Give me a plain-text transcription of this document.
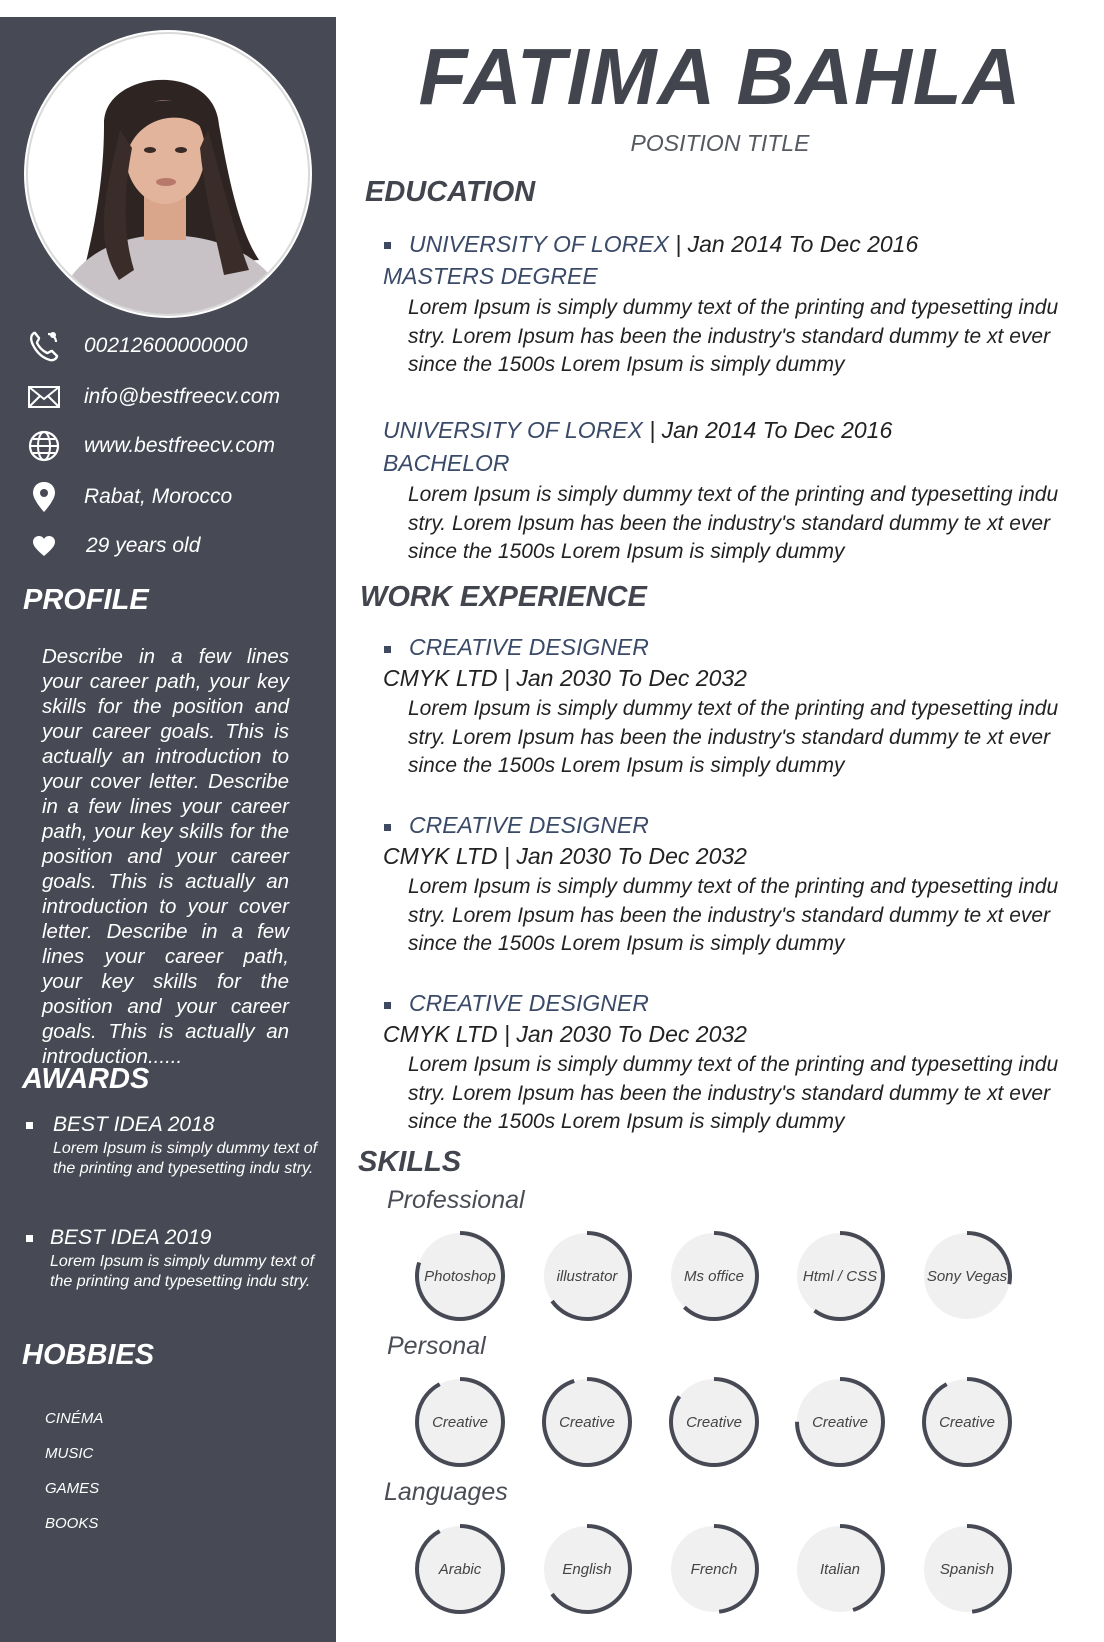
00212600000000
info@bestfreecv.com
www.bestfreecv.com
Rabat, Morocco
29 years old
PROFILE

Describe in a few lines your career path, your key skills for the position and your career goals. This is actually an introduction to your cover letter. Describe in a few lines your career path, your key skills for the position and your career goals. This is actually an introduction to your cover letter. Describe in a few lines your career path, your key skills for the position and your career goals. This is actually an introduction......

AWARDS
BEST IDEA 2018
Lorem Ipsum is simply dummy text of the printing and typesetting indu stry.
BEST IDEA 2019
Lorem Ipsum is simply dummy text of the printing and typesetting indu stry.
HOBBIES
CINÉMA
MUSIC
GAMES
BOOKS
FATIMA BAHLA
POSITION TITLE
EDUCATION
UNIVERSITY OF LOREX | Jan 2014 To Dec 2016
MASTERS DEGREE

Lorem Ipsum is simply dummy text of the printing and typesetting indu stry. Lorem Ipsum has been the industry's standard dummy te xt ever since the 1500s Lorem Ipsum is simply dummy

UNIVERSITY OF LOREX | Jan 2014 To Dec 2016
BACHELOR

Lorem Ipsum is simply dummy text of the printing and typesetting indu stry. Lorem Ipsum has been the industry's standard dummy te xt ever since the 1500s Lorem Ipsum is simply dummy

WORK EXPERIENCE
CREATIVE DESIGNER
CMYK LTD | Jan 2030 To Dec 2032

Lorem Ipsum is simply dummy text of the printing and typesetting indu stry. Lorem Ipsum has been the industry's standard dummy te xt ever since the 1500s Lorem Ipsum is simply dummy

CREATIVE DESIGNER
CMYK LTD | Jan 2030 To Dec 2032

Lorem Ipsum is simply dummy text of the printing and typesetting indu stry. Lorem Ipsum has been the industry's standard dummy te xt ever since the 1500s Lorem Ipsum is simply dummy

CREATIVE DESIGNER
CMYK LTD | Jan 2030 To Dec 2032

Lorem Ipsum is simply dummy text of the printing and typesetting indu stry. Lorem Ipsum has been the industry's standard dummy te xt ever since the 1500s Lorem Ipsum is simply dummy

SKILLS
Professional
Personal
Languages
Photoshop	illustrator	Ms office	Html / CSS	Sony Vegas
Creative	Creative	Creative	Creative	Creative
Arabic	English	French	Italian	Spanish
